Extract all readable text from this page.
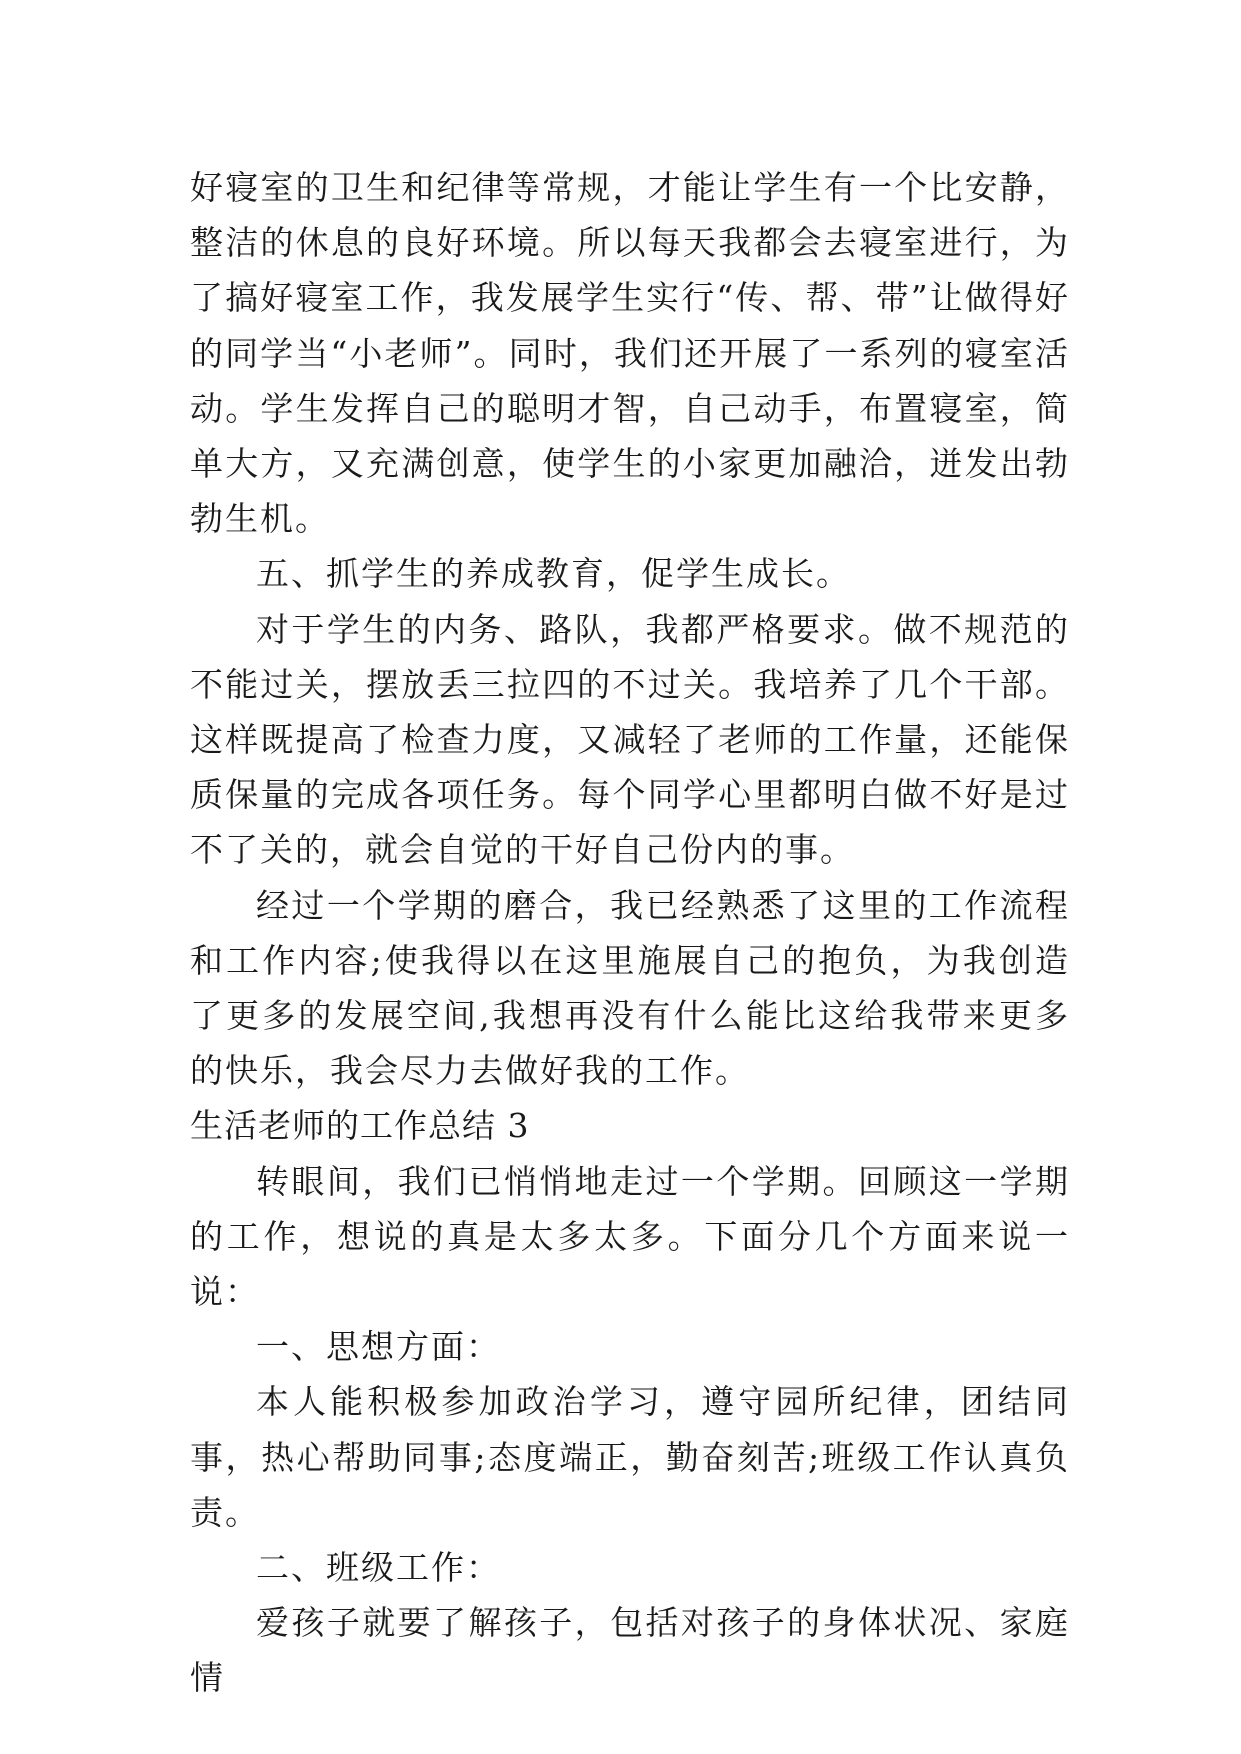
好寝室的卫生和纪律等常规，才能让学生有一个比安静，整洁的休息的良好环境。所以每天我都会去寝室进行，为了搞好寝室工作，我发展学生实行“传、帮、带”让做得好的同学当“小老师”。同时，我们还开展了一系列的寝室活动。学生发挥自己的聪明才智，自己动手，布置寝室，简单大方，又充满创意，使学生的小家更加融洽，迸发出勃勃生机。

五、抓学生的养成教育，促学生成长。

对于学生的内务、路队，我都严格要求。做不规范的不能过关，摆放丢三拉四的不过关。我培养了几个干部。这样既提高了检查力度，又减轻了老师的工作量，还能保质保量的完成各项任务。每个同学心里都明白做不好是过不了关的，就会自觉的干好自己份内的事。

经过一个学期的磨合，我已经熟悉了这里的工作流程和工作内容;使我得以在这里施展自己的抱负，为我创造了更多的发展空间,我想再没有什么能比这给我带来更多的快乐，我会尽力去做好我的工作。

生活老师的工作总结 3

转眼间，我们已悄悄地走过一个学期。回顾这一学期的工作，想说的真是太多太多。下面分几个方面来说一说：

一、思想方面：

本人能积极参加政治学习，遵守园所纪律，团结同事，热心帮助同事;态度端正，勤奋刻苦;班级工作认真负责。

二、班级工作：

爱孩子就要了解孩子，包括对孩子的身体状况、家庭情
